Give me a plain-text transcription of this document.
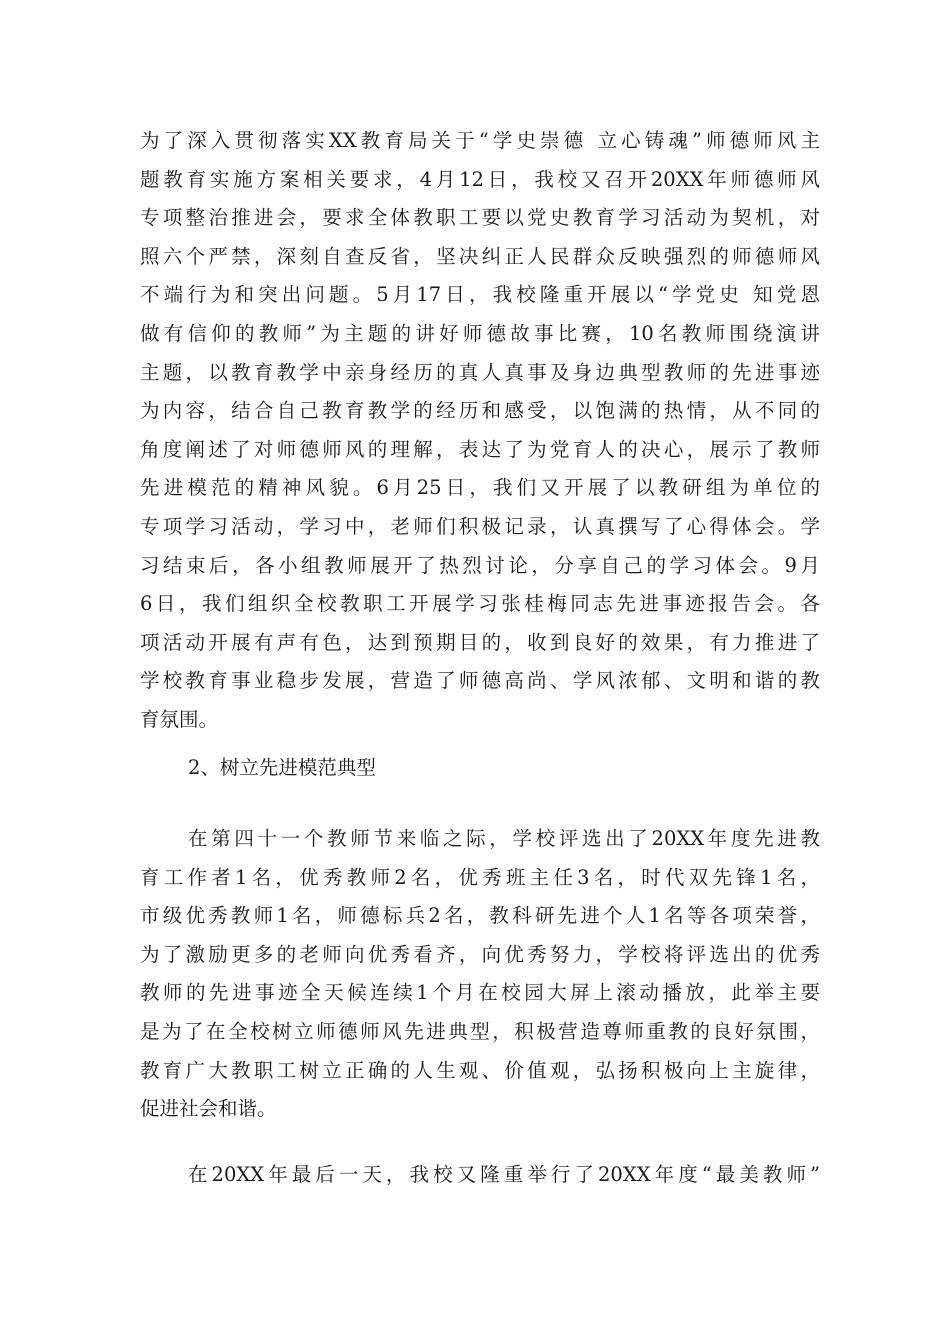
为了深入贯彻落实XX教育局关于“学史崇德 立心铸魂”师德师风主
题教育实施方案相关要求，4月12日，我校又召开20XX年师德师风
专项整治推进会，要求全体教职工要以党史教育学习活动为契机，对
照六个严禁，深刻自查反省，坚决纠正人民群众反映强烈的师德师风
不端行为和突出问题。5月17日，我校隆重开展以“学党史 知党恩
做有信仰的教师”为主题的讲好师德故事比赛，10名教师围绕演讲
主题，以教育教学中亲身经历的真人真事及身边典型教师的先进事迹
为内容，结合自己教育教学的经历和感受，以饱满的热情，从不同的
角度阐述了对师德师风的理解，表达了为党育人的决心，展示了教师
先进模范的精神风貌。6月25日，我们又开展了以教研组为单位的
专项学习活动，学习中，老师们积极记录，认真撰写了心得体会。学
习结束后，各小组教师展开了热烈讨论，分享自己的学习体会。9月
6日，我们组织全校教职工开展学习张桂梅同志先进事迹报告会。各
项活动开展有声有色，达到预期目的，收到良好的效果，有力推进了
学校教育事业稳步发展，营造了师德高尚、学风浓郁、文明和谐的教
育氛围。
2、树立先进模范典型
在第四十一个教师节来临之际，学校评选出了20XX年度先进教
育工作者1名，优秀教师2名，优秀班主任3名，时代双先锋1名，
市级优秀教师1名，师德标兵2名，教科研先进个人1名等各项荣誉，
为了激励更多的老师向优秀看齐，向优秀努力，学校将评选出的优秀
教师的先进事迹全天候连续1个月在校园大屏上滚动播放，此举主要
是为了在全校树立师德师风先进典型，积极营造尊师重教的良好氛围，
教育广大教职工树立正确的人生观、价值观，弘扬积极向上主旋律，
促进社会和谐。
在20XX年最后一天，我校又隆重举行了20XX年度“最美教师”
